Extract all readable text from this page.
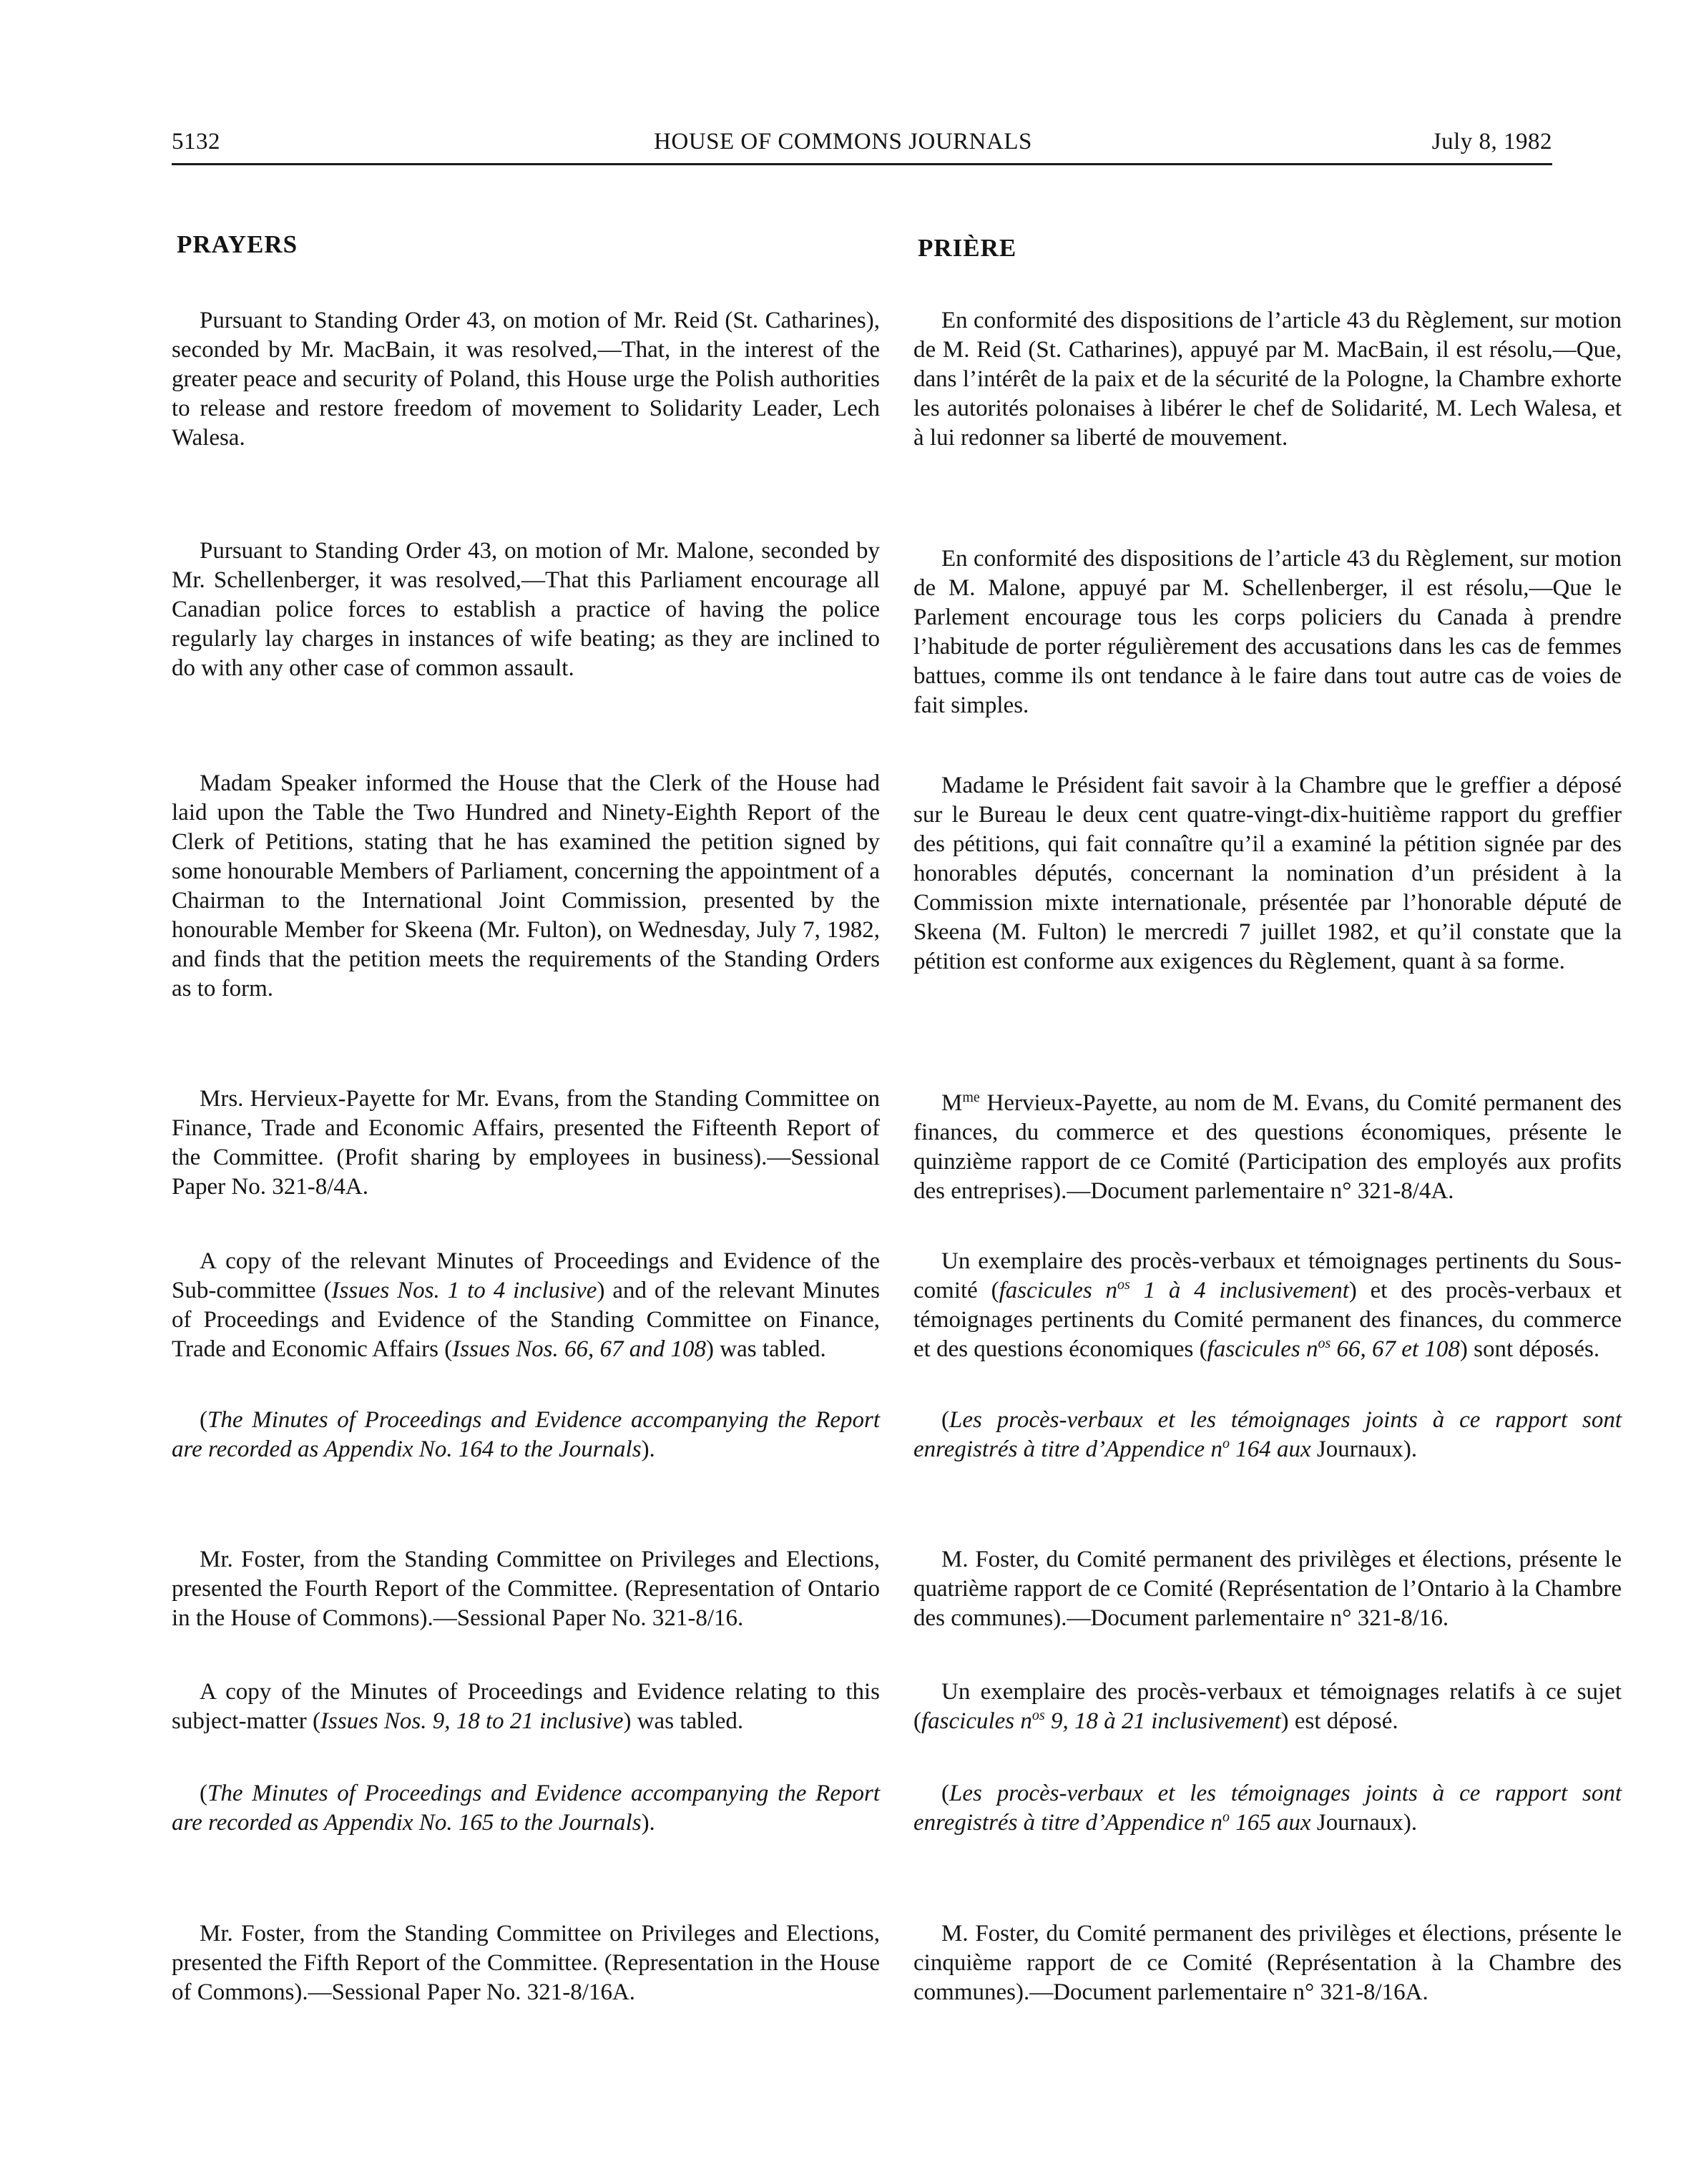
5132	HOUSE OF COMMONS JOURNALS	July 8, 1982
PRAYERS

Pursuant to Standing Order 43, on motion of Mr. Reid (St. Catharines), seconded by Mr. MacBain, it was resolved,—That, in the interest of the greater peace and security of Poland, this House urge the Polish authorities to release and restore freedom of movement to Solidarity Leader, Lech Walesa.

Pursuant to Standing Order 43, on motion of Mr. Malone, seconded by Mr. Schellenberger, it was resolved,—That this Parliament encourage all Canadian police forces to establish a practice of having the police regularly lay charges in instances of wife beating; as they are inclined to do with any other case of common assault.

Madam Speaker informed the House that the Clerk of the House had laid upon the Table the Two Hundred and Ninety-Eighth Report of the Clerk of Petitions, stating that he has examined the petition signed by some honourable Members of Parliament, concerning the appointment of a Chairman to the International Joint Commission, presented by the honourable Member for Skeena (Mr. Fulton), on Wednesday, July 7, 1982, and finds that the petition meets the requirements of the Standing Orders as to form.

Mrs. Hervieux-Payette for Mr. Evans, from the Standing Committee on Finance, Trade and Economic Affairs, presented the Fifteenth Report of the Committee. (Profit sharing by employees in business).—Sessional Paper No. 321-8/4A.

A copy of the relevant Minutes of Proceedings and Evidence of the Sub-committee (Issues Nos. 1 to 4 inclusive) and of the relevant Minutes of Proceedings and Evidence of the Standing Committee on Finance, Trade and Economic Affairs (Issues Nos. 66, 67 and 108) was tabled.

(The Minutes of Proceedings and Evidence accompanying the Report are recorded as Appendix No. 164 to the Journals).

Mr. Foster, from the Standing Committee on Privileges and Elections, presented the Fourth Report of the Committee. (Representation of Ontario in the House of Commons).—Sessional Paper No. 321-8/16.

A copy of the Minutes of Proceedings and Evidence relating to this subject-matter (Issues Nos. 9, 18 to 21 inclusive) was tabled.

(The Minutes of Proceedings and Evidence accompanying the Report are recorded as Appendix No. 165 to the Journals).

Mr. Foster, from the Standing Committee on Privileges and Elections, presented the Fifth Report of the Committee. (Representation in the House of Commons).—Sessional Paper No. 321-8/16A.

PRIÈRE

En conformité des dispositions de l’article 43 du Règlement, sur motion de M. Reid (St. Catharines), appuyé par M. MacBain, il est résolu,—Que, dans l’intérêt de la paix et de la sécurité de la Pologne, la Chambre exhorte les autorités polonaises à libérer le chef de Solidarité, M. Lech Walesa, et à lui redonner sa liberté de mouvement.

En conformité des dispositions de l’article 43 du Règlement, sur motion de M. Malone, appuyé par M. Schellenberger, il est résolu,—Que le Parlement encourage tous les corps policiers du Canada à prendre l’habitude de porter régulièrement des accusations dans les cas de femmes battues, comme ils ont tendance à le faire dans tout autre cas de voies de fait simples.

Madame le Président fait savoir à la Chambre que le greffier a déposé sur le Bureau le deux cent quatre-vingt-dix-huitième rapport du greffier des pétitions, qui fait connaître qu’il a examiné la pétition signée par des honorables députés, concernant la nomination d’un président à la Commission mixte internationale, présentée par l’honorable député de Skeena (M. Fulton) le mercredi 7 juillet 1982, et qu’il constate que la pétition est conforme aux exigences du Règlement, quant à sa forme.

$M^{me}$ Hervieux-Payette, au nom de M. Evans, du Comité permanent des finances, du commerce et des questions économiques, présente le quinzième rapport de ce Comité (Participation des employés aux profits des entreprises).—Document parlementaire n° 321-8/4A.

Un exemplaire des procès-verbaux et témoignages pertinents du Sous-comité (fascicules $n^{os}$ 1 à 4 inclusivement) et des procès-verbaux et témoignages pertinents du Comité permanent des finances, du commerce et des questions économiques (fascicules $n^{os}$ 66, 67 et 108) sont déposés.

(Les procès-verbaux et les témoignages joints à ce rapport sont enregistrés à titre d’Appendice $n^o$ 164 aux Journaux).

M. Foster, du Comité permanent des privilèges et élections, présente le quatrième rapport de ce Comité (Représentation de l’Ontario à la Chambre des communes).—Document parlementaire n° 321-8/16.

Un exemplaire des procès-verbaux et témoignages relatifs à ce sujet (fascicules $n^{os}$ 9, 18 à 21 inclusivement) est déposé.

(Les procès-verbaux et les témoignages joints à ce rapport sont enregistrés à titre d’Appendice $n^o$ 165 aux Journaux).

M. Foster, du Comité permanent des privilèges et élections, présente le cinquième rapport de ce Comité (Représentation à la Chambre des communes).—Document parlementaire n° 321-8/16A.
